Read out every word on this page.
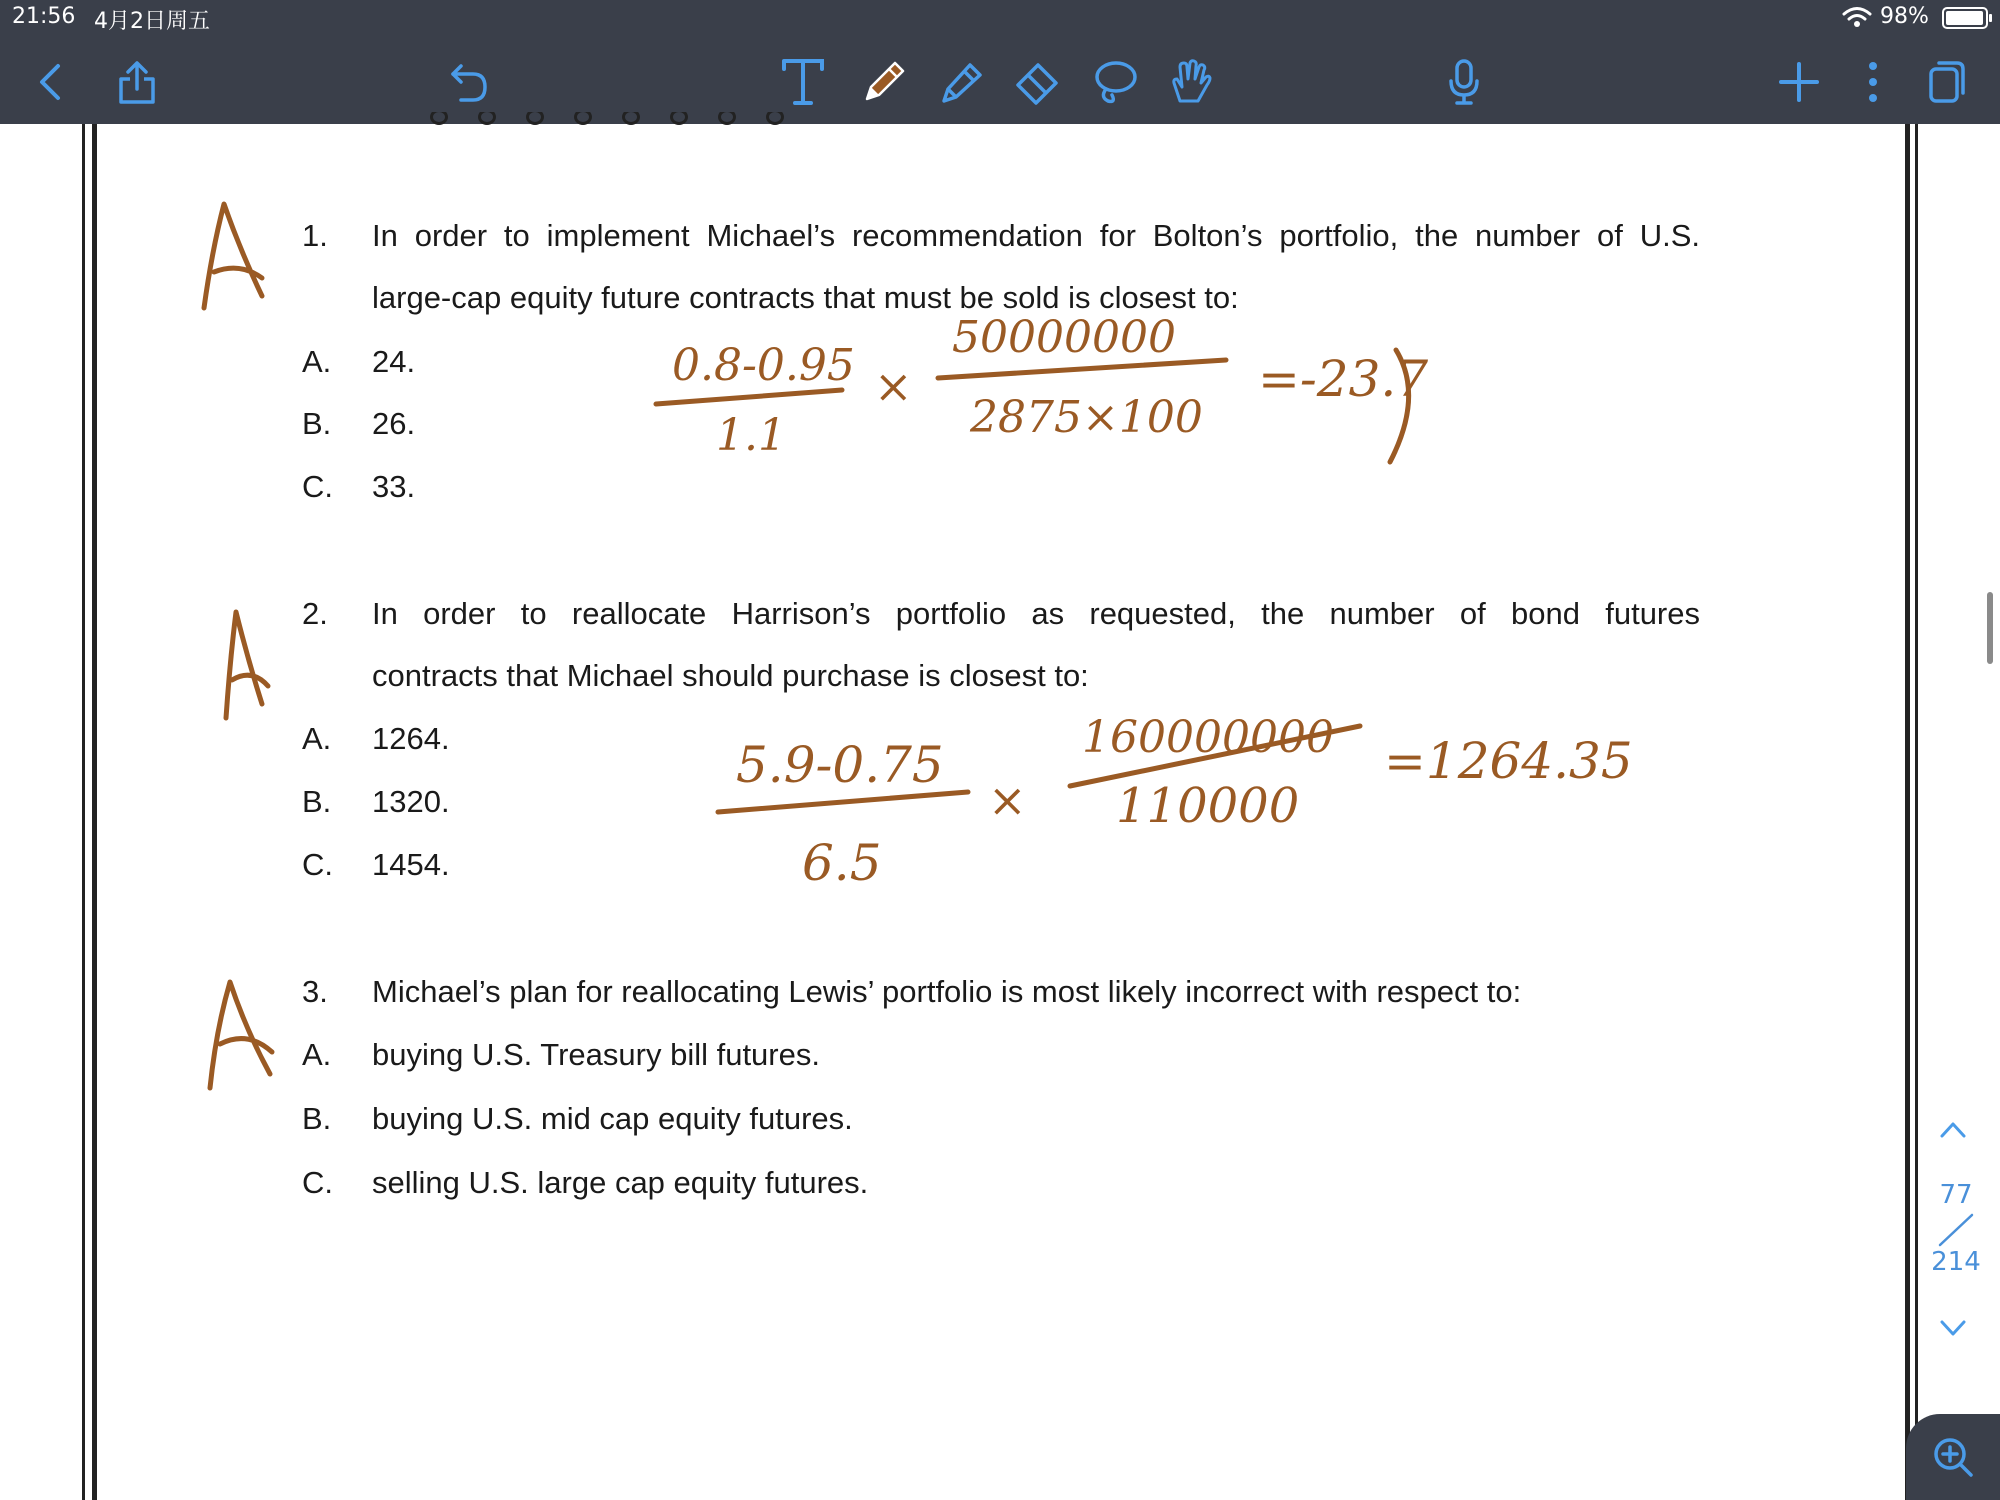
21:56 4月2日周五	98%
1. In order to implement Michael’s recommendation for Bolton’s portfolio, the number of U.S.
large-cap equity future contracts that must be sold is closest to:
A. 24.
B. 26.
C. 33.
2. In order to reallocate Harrison’s portfolio as requested, the number of bond futures
contracts that Michael should purchase is closest to:
A. 1264.
B. 1320.
C. 1454.
3. Michael’s plan for reallocating Lewis’ portfolio is most likely incorrect with respect to:
A. buying U.S. Treasury bill futures.
B. buying U.S. mid cap equity futures.
C. selling U.S. large cap equity futures.
0.8-0.95
1.1
×
50000000
2875×100
=-23.7
5.9-0.75
6.5
×
160000000
110000
=1264.35
77
214
